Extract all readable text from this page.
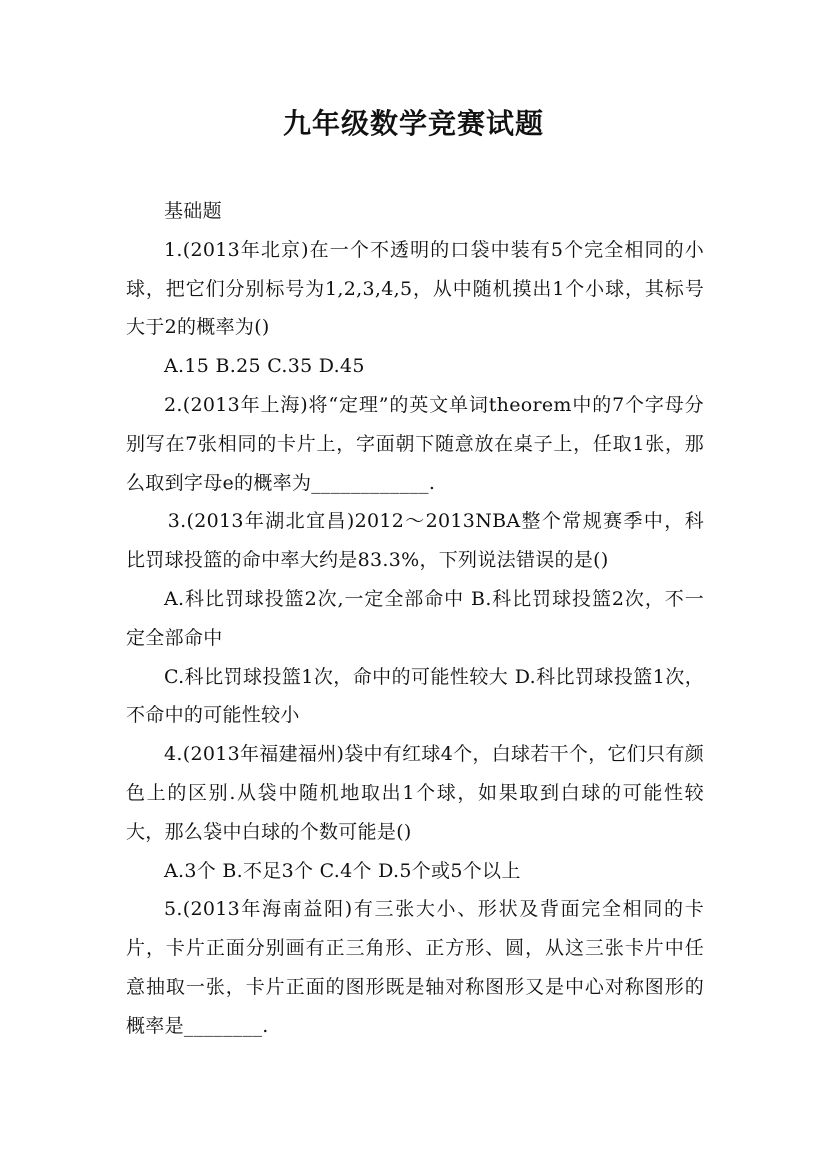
九年级数学竞赛试题

基础题

1.(2013年北京)在一个不透明的口袋中装有5个完全相同的小球，把它们分别标号为1,2,3,4,5，从中随机摸出1个小球，其标号大于2的概率为()

A.15 B.25 C.35 D.45

2.(2013年上海)将“定理”的英文单词theorem中的7个字母分别写在7张相同的卡片上，字面朝下随意放在桌子上，任取1张，那么取到字母e的概率为____________.

3.(2013年湖北宜昌)2012～2013NBA整个常规赛季中，科比罚球投篮的命中率大约是83.3%，下列说法错误的是()

A.科比罚球投篮2次,一定全部命中 B.科比罚球投篮2次，不一定全部命中

C.科比罚球投篮1次，命中的可能性较大 D.科比罚球投篮1次，不命中的可能性较小

4.(2013年福建福州)袋中有红球4个，白球若干个，它们只有颜色上的区别.从袋中随机地取出1个球，如果取到白球的可能性较大，那么袋中白球的个数可能是()

A.3个 B.不足3个 C.4个 D.5个或5个以上

5.(2013年海南益阳)有三张大小、形状及背面完全相同的卡片，卡片正面分别画有正三角形、正方形、圆，从这三张卡片中任意抽取一张，卡片正面的图形既是轴对称图形又是中心对称图形的概率是________.
